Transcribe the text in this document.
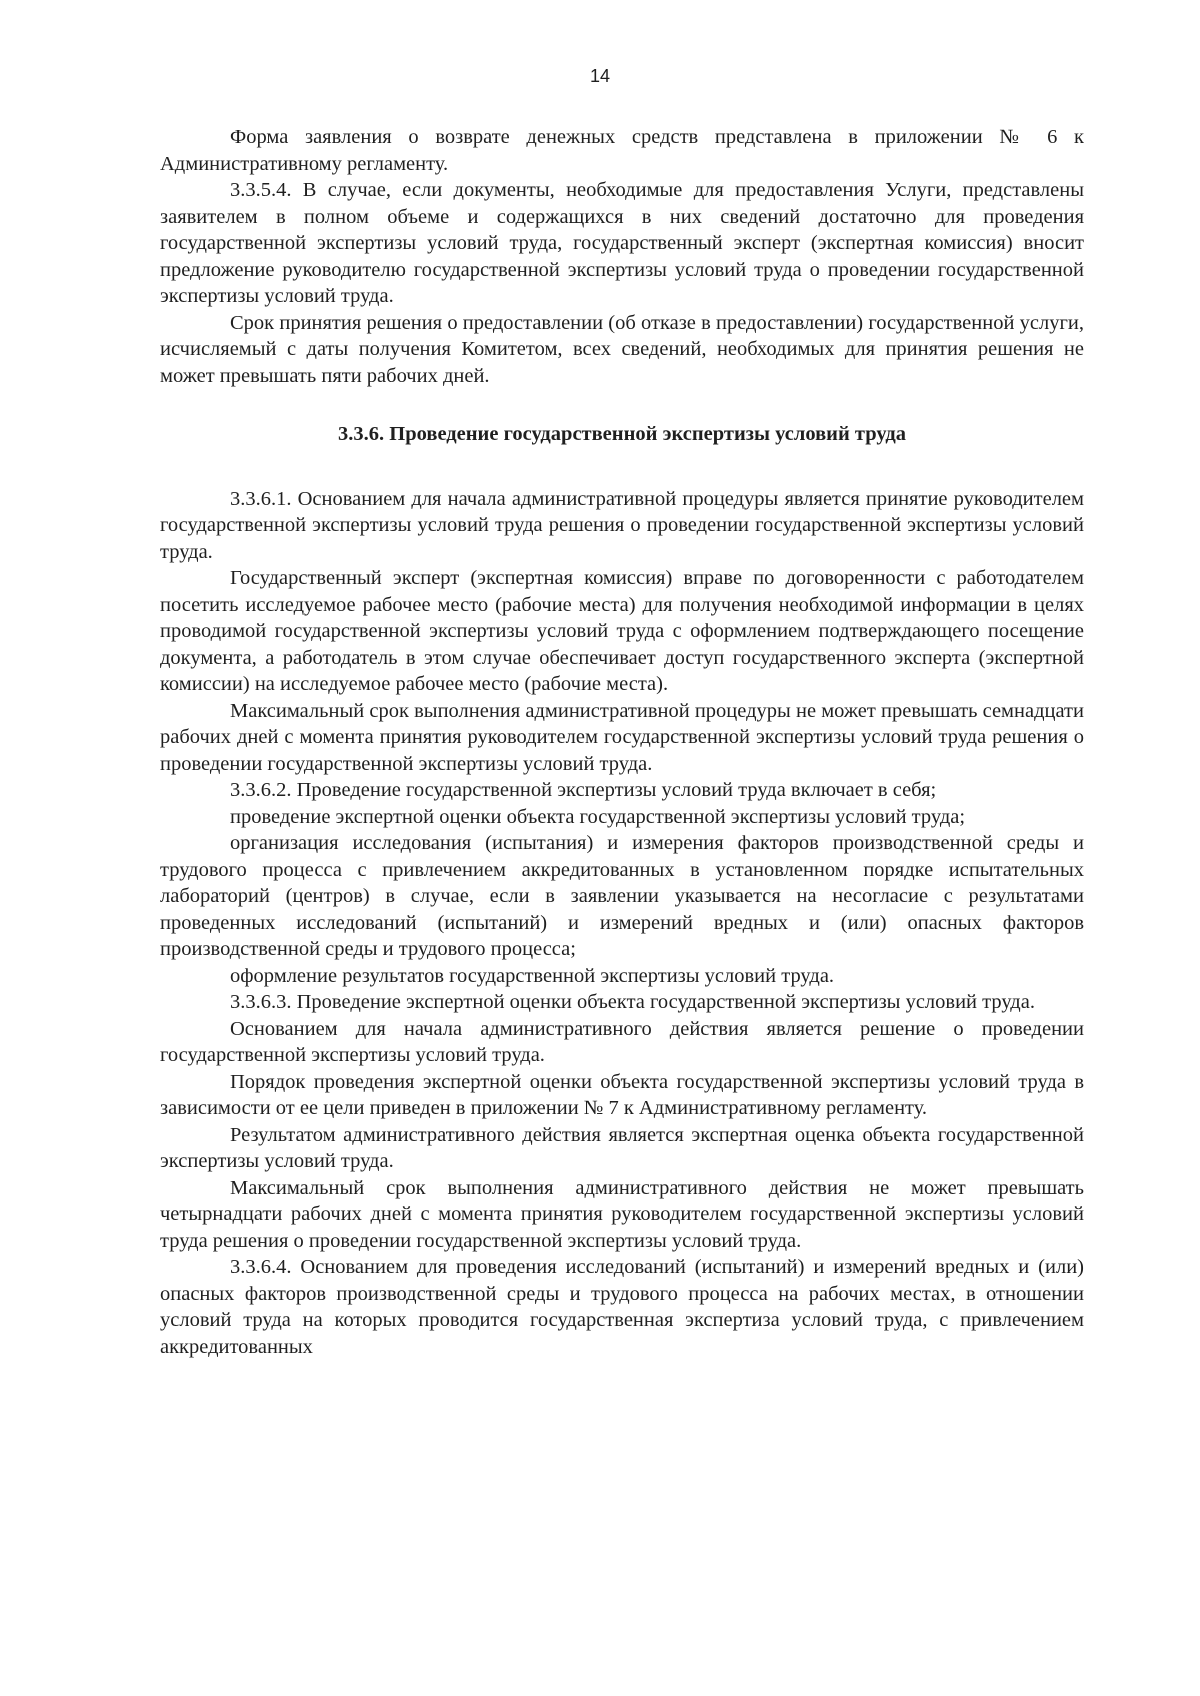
14

Форма заявления о возврате денежных средств представлена в приложении № 6 к Административному регламенту.

3.3.5.4. В случае, если документы, необходимые для предоставления Услуги, представлены заявителем в полном объеме и содержащихся в них сведений достаточно для проведения государственной экспертизы условий труда, государственный эксперт (экспертная комиссия) вносит предложение руководителю государственной экспертизы условий труда о проведении государственной экспертизы условий труда.

Срок принятия решения о предоставлении (об отказе в предоставлении) государственной услуги, исчисляемый с даты получения Комитетом, всех сведений, необходимых для принятия решения не может превышать пяти рабочих дней.

3.3.6. Проведение государственной экспертизы условий труда

3.3.6.1. Основанием для начала административной процедуры является принятие руководителем государственной экспертизы условий труда решения о проведении государственной экспертизы условий труда.

Государственный эксперт (экспертная комиссия) вправе по договоренности с работодателем посетить исследуемое рабочее место (рабочие места) для получения необходимой информации в целях проводимой государственной экспертизы условий труда с оформлением подтверждающего посещение документа, а работодатель в этом случае обеспечивает доступ государственного эксперта (экспертной комиссии) на исследуемое рабочее место (рабочие места).

Максимальный срок выполнения административной процедуры не может превышать семнадцати рабочих дней с момента принятия руководителем государственной экспертизы условий труда решения о проведении государственной экспертизы условий труда.

3.3.6.2. Проведение государственной экспертизы условий труда включает в себя;

проведение экспертной оценки объекта государственной экспертизы условий труда;

организация исследования (испытания) и измерения факторов производственной среды и трудового процесса с привлечением аккредитованных в установленном порядке испытательных лабораторий (центров) в случае, если в заявлении указывается на несогласие с результатами проведенных исследований (испытаний) и измерений вредных и (или) опасных факторов производственной среды и трудового процесса;

оформление результатов государственной экспертизы условий труда.

3.3.6.3. Проведение экспертной оценки объекта государственной экспертизы условий труда.

Основанием для начала административного действия является решение о проведении государственной экспертизы условий труда.

Порядок проведения экспертной оценки объекта государственной экспертизы условий труда в зависимости от ее цели приведен в приложении № 7 к Административному регламенту.

Результатом административного действия является экспертная оценка объекта государственной экспертизы условий труда.

Максимальный срок выполнения административного действия не может превышать четырнадцати рабочих дней с момента принятия руководителем государственной экспертизы условий труда решения о проведении государственной экспертизы условий труда.

3.3.6.4. Основанием для проведения исследований (испытаний) и измерений вредных и (или) опасных факторов производственной среды и трудового процесса на рабочих местах, в отношении условий труда на которых проводится государственная экспертиза условий труда, с привлечением аккредитованных
